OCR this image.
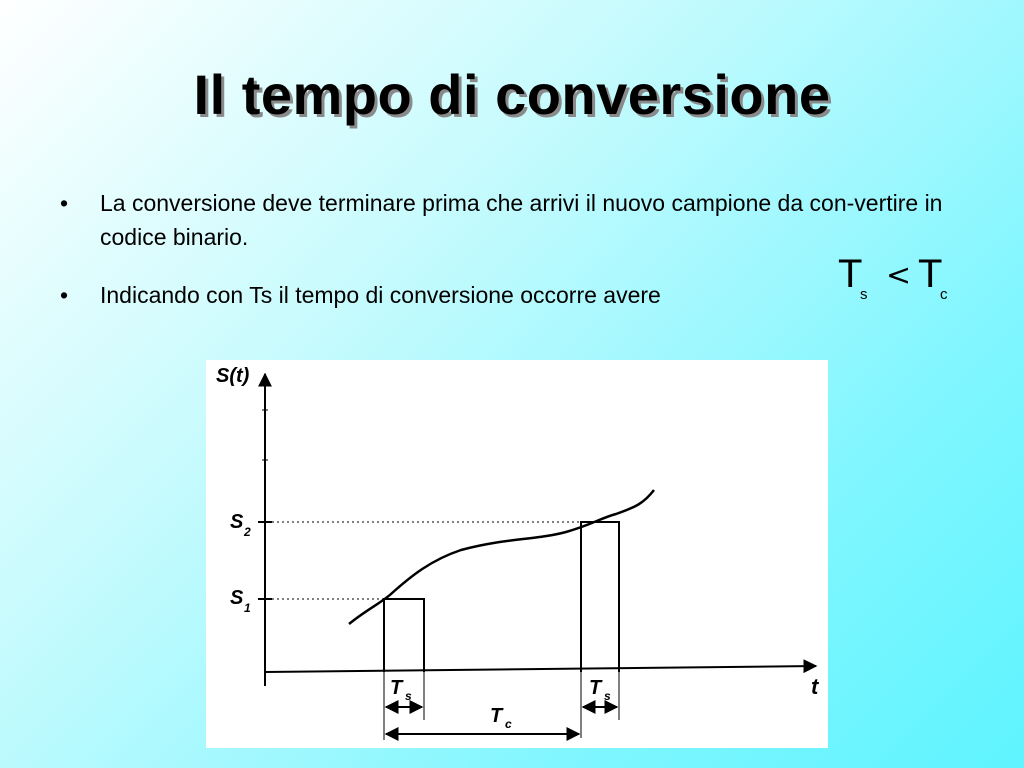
Il tempo di conversione
• La conversione deve terminare prima che arrivi il nuovo campione da con-vertire in codice binario.
• Indicando con Ts il tempo di conversione occorre avere	T
s
< T
c
S(t)
t
S 2
S 1
T s	T s
T c
